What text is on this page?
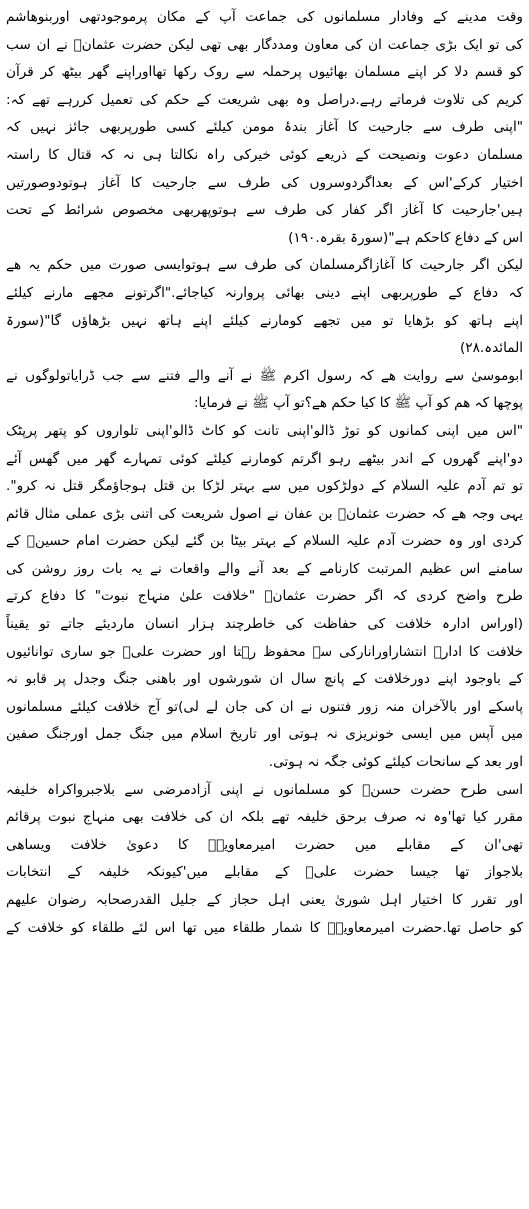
وقت مدینے کے وفادار مسلمانوں کی جماعت آپ کے مکان پرموجودتھی اوربنوھاشم
کی تو ایک بڑی جماعت ان کی معاون ومددگار بھی تھی لیکن حضرت عثمانؓ نے ان سب
کو قسم دلا کر اپنے مسلمان بھائیوں پرحملہ سے روک رکھا تھااوراپنے گھر بیٹھ کر قرآن
کریم کی تلاوت فرماتے رہے.دراصل وہ بھی شریعت کے حکم کی تعمیل کررہے تھے کہ:
"اپنی طرف سے جارحیت کا آغاز بندۂ مومن کیلئے کسی طورپربھی جائز نہیں کہ
مسلمان دعوت ونصیحت کے ذریعے کوئی خیرکی راہ نکالتا ہی نہ کہ قتال کا راستہ
اختیار کرکے'اس کے بعداگردوسروں کی طرف سے جارحیت کا آغاز ہوتودوصورتیں
ہیں'جارحیت کا آغاز اگر کفار کی طرف سے ہوتوپھربھی مخصوص شرائط کے تحت
اس کے دفاع کاحکم ہے"(سورۃ بقرہ.١٩٠)
لیکن اگر جارحیت کا آغازاگرمسلمان کی طرف سے ہوتوایسی صورت میں حکم یہ ھے
کہ دفاع کے طورپربھی اپنے دینی بھائی پروارنہ کیاجائے."اگرتونے مجھے مارنے کیلئے
اپنے ہاتھ کو بڑھایا تو میں تجھے کومارنے کیلئے اپنے ہاتھ نہیں بڑھاؤں گا"(سورۃ
المائدہ.٢٨)
ابوموسیٰ سے روایت ھے کہ رسول اکرم ﷺ نے آنے والے فتنے سے جب ڈرایاتولوگوں نے
پوچھا کہ ھم کو آپ ﷺ کا کیا حکم ھے؟تو آپ ﷺ نے فرمایا:
"اس میں اپنی کمانوں کو توڑ ڈالو'اپنی تانت کو کاٹ ڈالو'اپنی تلواروں کو پتھر پرپٹک
دو'اپنے گھروں کے اندر بیٹھے رہو اگرتم کومارنے کیلئے کوئی تمہارے گھر میں گھس آئے
تو تم آدم علیہ السلام کے دولڑکوں میں سے بہتر لڑکا بن قتل ہوجاؤمگر قتل نہ کرو".
یہی وجہ ھے کہ حضرت عثمانؓ بن عفان نے اصول شریعت کی اتنی بڑی عملی مثال قائم
کردی اور وہ حضرت آدم علیہ السلام کے بہتر بیٹا بن گئے لیکن حضرت امام حسینؓ کے
سامنے اس عظیم المرتبت کارنامے کے بعد آنے والے واقعات نے یہ بات روز روشن کی
طرح واضح کردی کہ اگر حضرت عثمانؓ "خلافت علیٰ منہاج نبوت" کا دفاع کرتے
(اوراس ادارہ خلافت کی حفاظت کی خاطرچند ہزار انسان ماردیئے جاتے تو یقیناً
خلافت کا ادارہ انتشاراورانارکی سے محفوظ رہتا اور حضرت علیؓ جو ساری توانائیوں
کے باوجود اپنے دورخلافت کے پانچ سال ان شورشوں اور باھنی جنگ وجدل پر قابو نہ
پاسکے اور بالآخران منہ زور فتنوں نے ان کی جان لے لی)تو آج خلافت کیلئے مسلمانوں
میں آپس میں ایسی خونریزی نہ ہوتی اور تاریخ اسلام میں جنگ جمل اورجنگ صفین
اور بعد کے سانحات کیلئے کوئی جگہ نہ ہوتی.
اسی طرح حضرت حسنؓ کو مسلمانوں نے اپنی آزادمرضی سے بلاجبرواکراہ خلیفہ
مقرر کیا تھا'وہ نہ صرف برحق خلیفہ تھے بلکہ ان کی خلافت بھی منہاج نبوت پرقائم
تھی'ان کے مقابلے میں حضرت امیرمعاویہؓ کا دعویٰ خلافت ویساھی
بلاجواز تھا جیسا حضرت علیؓ کے مقابلے میں'کیونکہ خلیفہ کے انتخابات
اور تقرر کا اختیار اہل شوریٰ یعنی اہل حجاز کے جلیل القدرصحابہ رضوان علیھم
کو حاصل تھا.حضرت امیرمعاویہؓ کا شمار طلقاء میں تھا اس لئے طلقاء کو خلافت کے
